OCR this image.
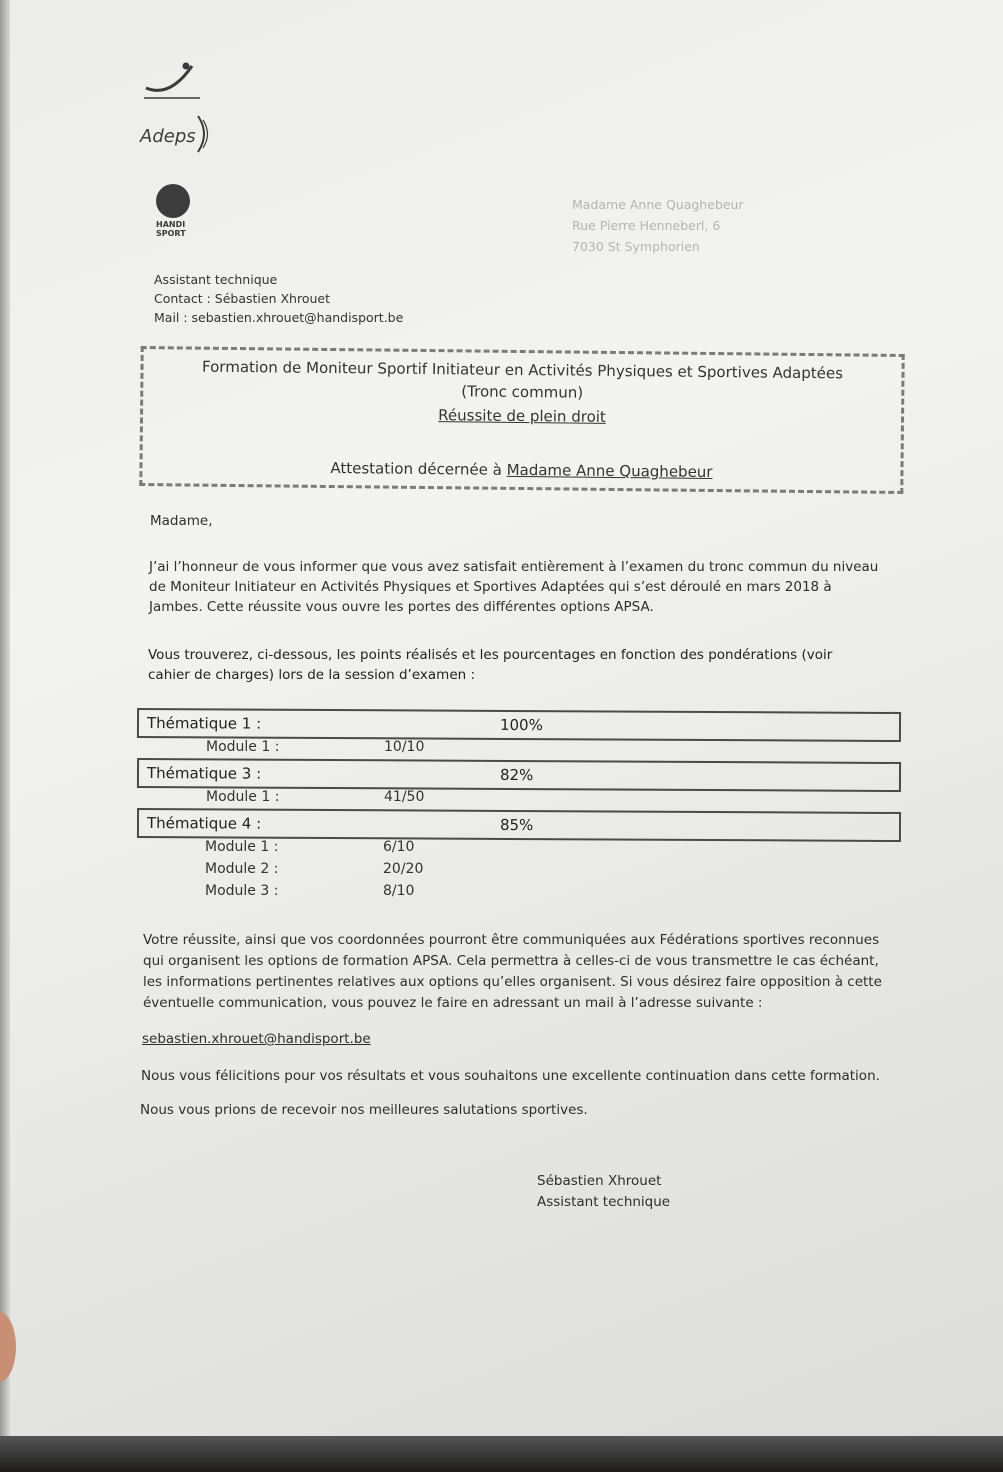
Adeps
HANDI SPORT
Assistant technique
Contact : Sébastien Xhrouet
Mail : sebastien.xhrouet@handisport.be
Madame Anne Quaghebeur
Rue Pierre Henneberl, 6
7030 St Symphorien
Formation de Moniteur Sportif Initiateur en Activités Physiques et Sportives Adaptées
(Tronc commun)
Réussite de plein droit
Attestation décernée à Madame Anne Quaghebeur
Madame,
J’ai l’honneur de vous informer que vous avez satisfait entièrement à l’examen du tronc commun du niveau de Moniteur Initiateur en Activités Physiques et Sportives Adaptées qui s’est déroulé en mars 2018 à Jambes. Cette réussite vous ouvre les portes des différentes options APSA.
Vous trouverez, ci-dessous, les points réalisés et les pourcentages en fonction des pondérations (voir cahier de charges) lors de la session d’examen :
Thématique 1 :	100%
Module 1 :	10/10
Thématique 3 :	82%
Module 1 :	41/50
Thématique 4 :	85%
Module 1 :	6/10
Module 2 :	20/20
Module 3 :	8/10
Votre réussite, ainsi que vos coordonnées pourront être communiquées aux Fédérations sportives reconnues qui organisent les options de formation APSA. Cela permettra à celles-ci de vous transmettre le cas échéant, les informations pertinentes relatives aux options qu’elles organisent. Si vous désirez faire opposition à cette éventuelle communication, vous pouvez le faire en adressant un mail à l’adresse suivante :
sebastien.xhrouet@handisport.be
Nous vous félicitions pour vos résultats et vous souhaitons une excellente continuation dans cette formation.
Nous vous prions de recevoir nos meilleures salutations sportives.
Sébastien Xhrouet
Assistant technique
